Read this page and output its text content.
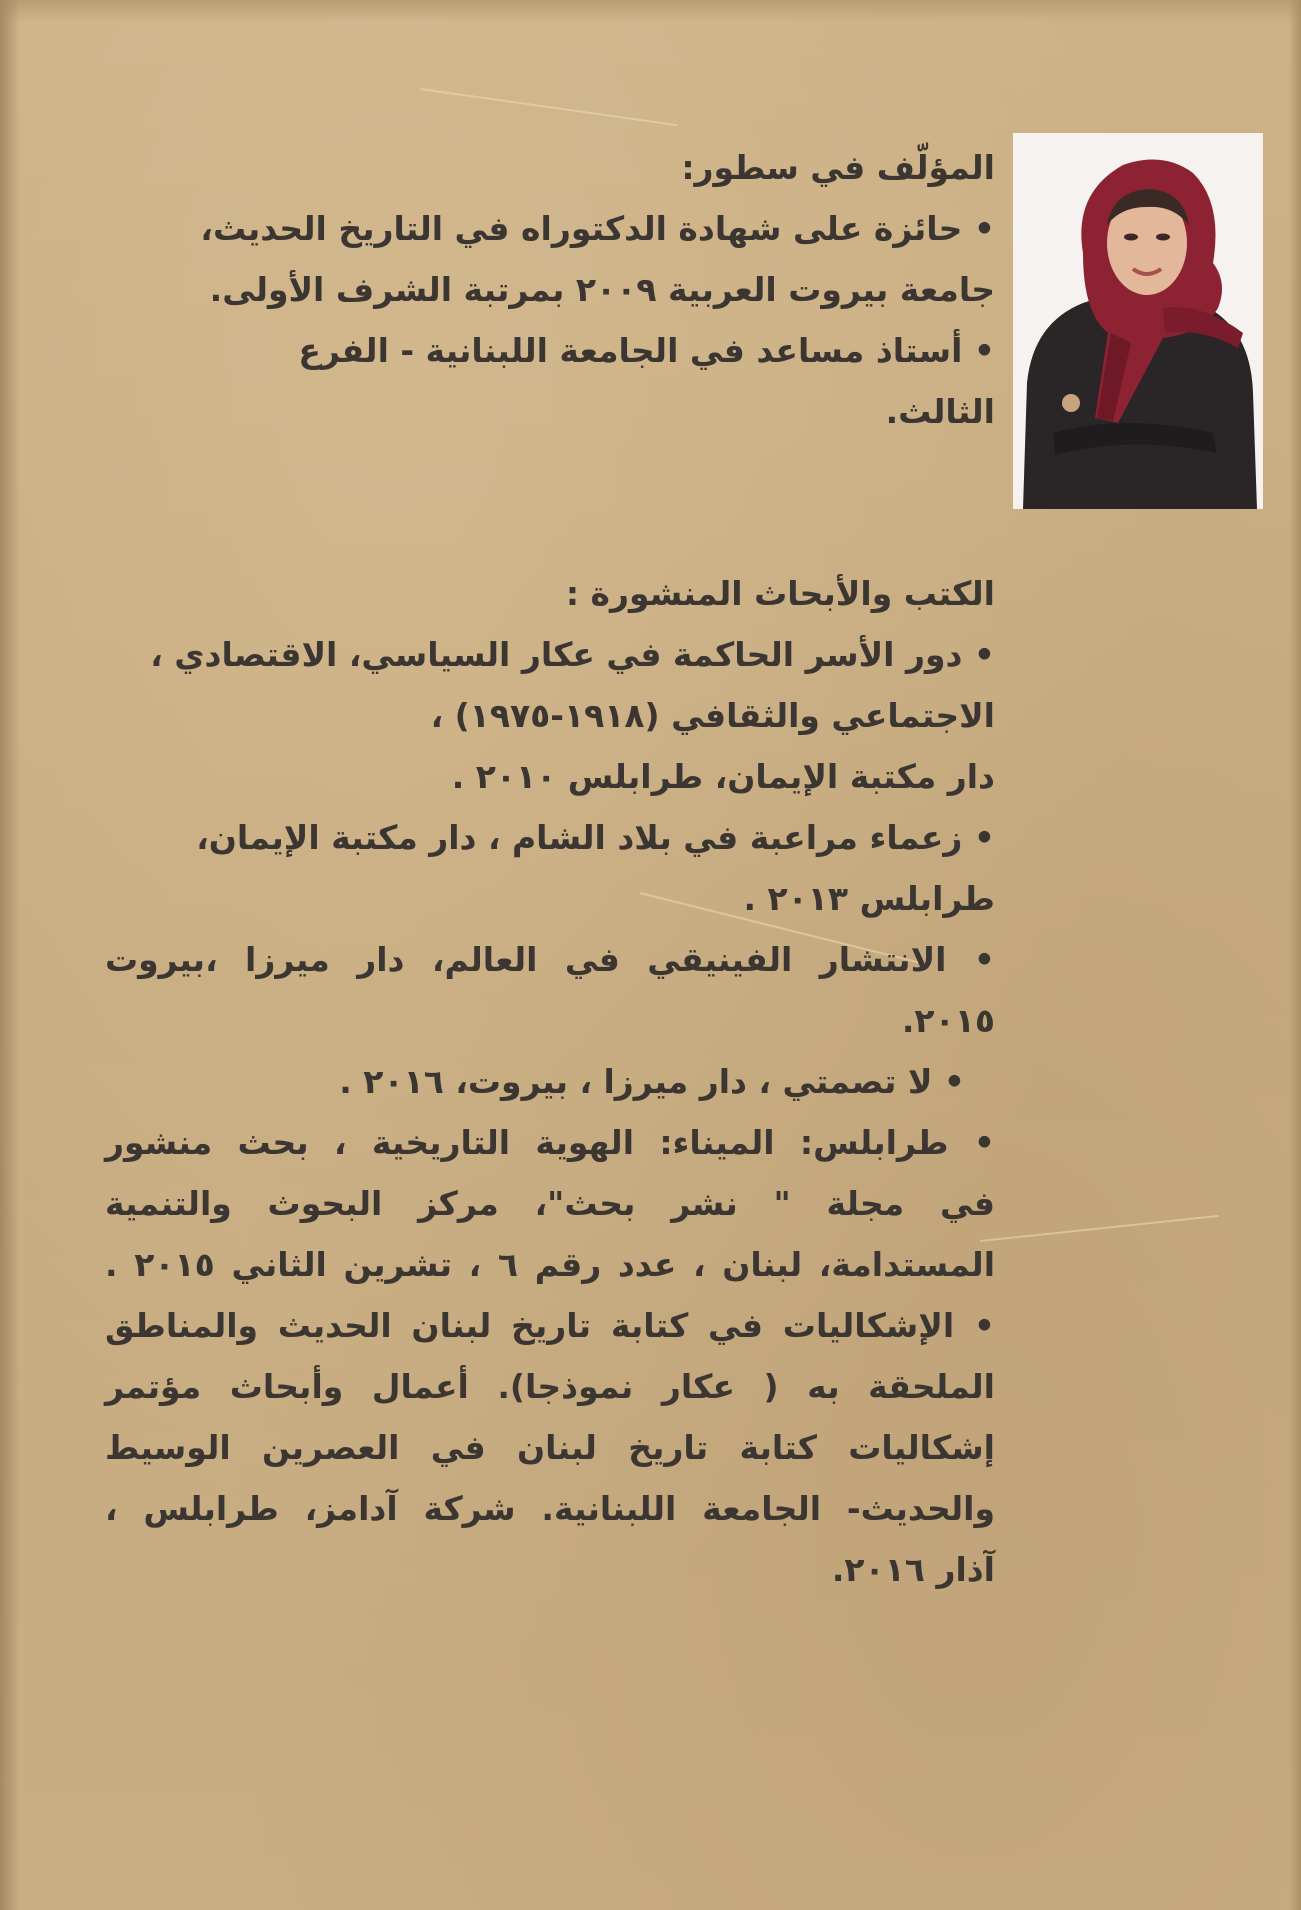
المؤلّف في سطور:

• حائزة على شهادة الدكتوراه في التاريخ الحديث،

جامعة بيروت العربية ٢٠٠٩ بمرتبة الشرف الأولى.

• أستاذ مساعد في الجامعة اللبنانية - الفرع

الثالث.

الكتب والأبحاث المنشورة :

• دور الأسر الحاكمة في عكار السياسي، الاقتصادي ،

الاجتماعي والثقافي (١٩١٨-١٩٧٥) ،

دار مكتبة الإيمان، طرابلس ٢٠١٠ .

• زعماء مراعبة في بلاد الشام ، دار مكتبة الإيمان،

طرابلس ٢٠١٣ .

• الانتشار الفينيقي في العالم، دار ميرزا ،بيروت

٢٠١٥.

• لا تصمتي ، دار ميرزا ، بيروت، ٢٠١٦ .

• طرابلس: الميناء: الهوية التاريخية ، بحث منشور

في مجلة " نشر بحث"، مركز البحوث والتنمية

المستدامة، لبنان ، عدد رقم ٦ ، تشرين الثاني ٢٠١٥ .

• الإشكاليات في كتابة تاريخ لبنان الحديث والمناطق

الملحقة به ( عكار نموذجا). أعمال وأبحاث مؤتمر

إشكاليات كتابة تاريخ لبنان في العصرين الوسيط

والحديث- الجامعة اللبنانية. شركة آدامز، طرابلس ،

آذار ٢٠١٦.
